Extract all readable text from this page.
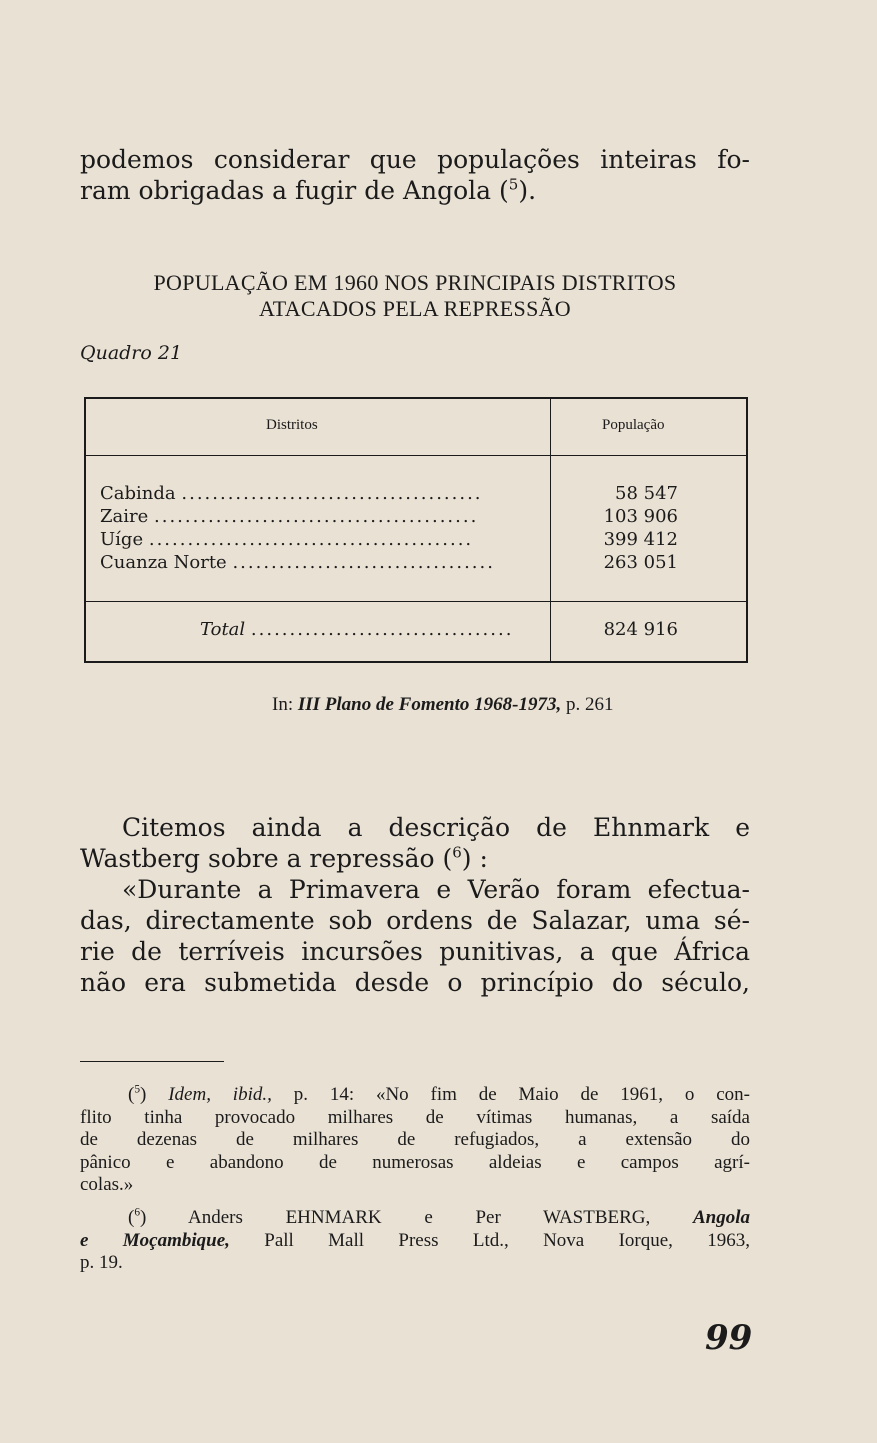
podemos considerar que populações inteiras fo-
ram obrigadas a fugir de Angola ($^5$).
POPULAÇÃO EM 1960 NOS PRINCIPAIS DISTRITOS
ATACADOS PELA REPRESSÃO
Quadro 21
Distritos	População
Cabinda .......................................	58 547
Zaire ..........................................	103 906
Uíge ..........................................	399 412
Cuanza Norte ..................................	263 051
Total ..................................	824 916
In: III Plano de Fomento 1968-1973, p. 261
Citemos ainda a descrição de Ehnmark e
Wastberg sobre a repressão ($^6$) :
«Durante a Primavera e Verão foram efectua-
das, directamente sob ordens de Salazar, uma sé-
rie de terríveis incursões punitivas, a que África
não era submetida desde o princípio do século,
($^5$) Idem, ibid., p. 14: «No fim de Maio de 1961, o con-
flito tinha provocado milhares de vítimas humanas, a saída
de dezenas de milhares de refugiados, a extensão do
pânico e abandono de numerosas aldeias e campos agrí-
colas.»
($^6$) Anders EHNMARK e Per WASTBERG, Angola
e Moçambique, Pall Mall Press Ltd., Nova Iorque, 1963,
p. 19.
99
